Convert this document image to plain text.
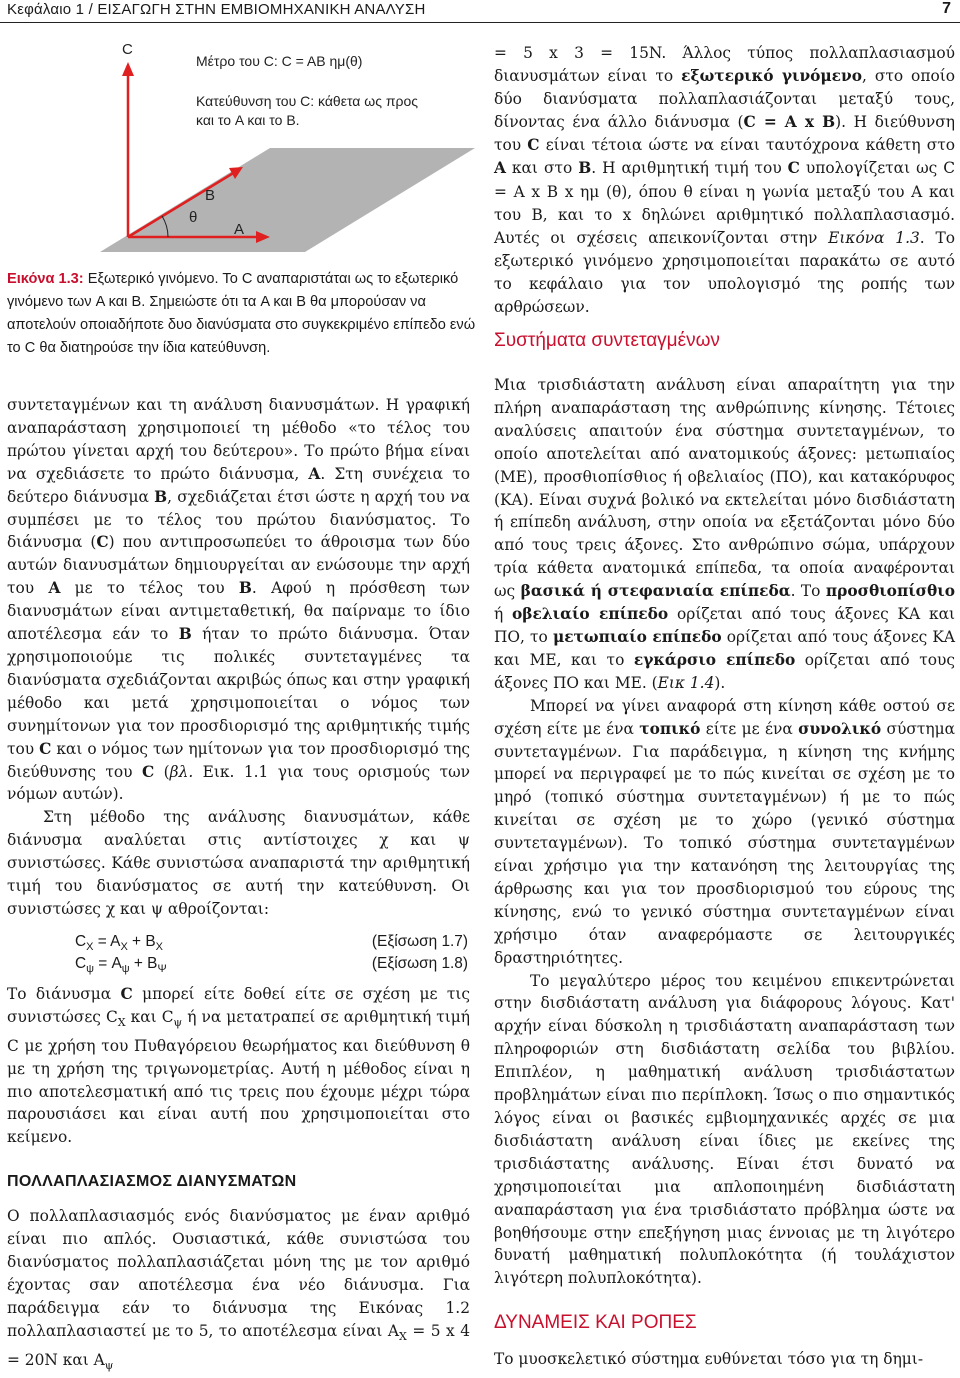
Κεφάλαιο 1 / ΕΙΣΑΓΩΓΗ ΣΤΗΝ ΕΜΒΙΟΜΗΧΑΝΙΚΗ ΑΝΑΛΥΣΗ	7
C
B
A
θ
Μέτρο του C: C = AB ημ(θ)
Κατεύθυνση του C: κάθετα ως προς
και το A και το B.
Εικόνα 1.3: Εξωτερικό γινόμενο. Το C αναπαριστάται ως το εξωτερικό γινόμενο των A και B. Σημειώστε ότι τα A και B θα μπορούσαν να αποτελούν οποιαδήποτε δυο διανύσματα στο συγκεκριμένο επίπεδο ενώ το C θα διατηρούσε την ίδια κατεύθυνση.

συντεταγμένων και τη ανάλυση διανυσμάτων. Η γραφική αναπαράσταση χρησιμοποιεί τη μέθοδο «το τέλος του πρώτου γίνεται αρχή του δεύτερου». Το πρώτο βήμα είναι να σχεδιάσετε το πρώτο διάνυσμα, A. Στη συνέχεια το δεύτερο διάνυσμα B, σχεδιάζεται έτσι ώστε η αρχή του να συμπέσει με το τέλος του πρώτου διανύσματος. Το διάνυσμα (C) που αντιπροσωπεύει το άθροισμα των δύο αυτών διανυσμάτων δημιουργείται αν ενώσουμε την αρχή του A με το τέλος του B. Αφού η πρόσθεση των διανυσμάτων είναι αντιμεταθετική, θα παίρναμε το ίδιο αποτέλεσμα εάν το B ήταν το πρώτο διάνυσμα. Όταν χρησιμοποιούμε τις πολικές συντεταγμένες τα διανύσματα σχεδιάζονται ακριβώς όπως και στην γραφική μέθοδο και μετά χρησιμοποιείται ο νόμος των συνημίτονων για τον προσδιορισμό της αριθμητικής τιμής του C και ο νόμος των ημίτονων για τον προσδιορισμό της διεύθυνσης του C (βλ. Εικ. 1.1 για τους ορισμούς των νόμων αυτών).

Στη μέθοδο της ανάλυσης διανυσμάτων, κάθε διάνυσμα αναλύεται στις αντίστοιχες χ και ψ συνιστώσες. Κάθε συνιστώσα αναπαριστά την αριθμητική τιμή του διανύσματος σε αυτή την κατεύθυνση. Οι συνιστώσες χ και ψ αθροίζονται:

$C_X = A_X + B_X$	(Εξίσωση 1.7)
$C_\psi = A_\psi + B_\Psi$	(Εξίσωση 1.8)

Το διάνυσμα C μπορεί είτε δοθεί είτε σε σχέση με τις συνιστώσες $C_X$ και $C_\psi$ ή να μετατραπεί σε αριθμητική τιμή C με χρήση του Πυθαγόρειου θεωρήματος και διεύθυνση θ με τη χρήση της τριγωνομετρίας. Αυτή η μέθοδος είναι η πιο αποτελεσματική από τις τρεις που έχουμε μέχρι τώρα παρουσιάσει και είναι αυτή που χρησιμοποιείται στο κείμενο.

ΠΟΛΛΑΠΛΑΣΙΑΣΜΟΣ ΔΙΑΝΥΣΜΑΤΩΝ

Ο πολλαπλασιασμός ενός διανύσματος με έναν αριθμό είναι πιο απλός. Ουσιαστικά, κάθε συνιστώσα του διανύσματος πολλαπλασιάζεται μόνη της με τον αριθμό έχοντας σαν αποτέλεσμα ένα νέο διάνυσμα. Για παράδειγμα εάν το διάνυσμα της Εικόνας 1.2 πολλαπλασιαστεί με το 5, το αποτέλεσμα είναι $A_X = 5$ x 4 = 20N και $A_\psi$

= 5 x 3 = 15N. Άλλος τύπος πολλαπλασιασμού διανυσμάτων είναι το εξωτερικό γινόμενο, στο οποίο δύο διανύσματα πολλαπλασιάζονται μεταξύ τους, δίνοντας ένα άλλο διάνυσμα (C = A x B). Η διεύθυνση του C είναι τέτοια ώστε να είναι ταυτόχρονα κάθετη στο A και στο B. Η αριθμητική τιμή του C υπολογίζεται ως C = A x B x ημ (θ), όπου θ είναι η γωνία μεταξύ του A και του B, και το x δηλώνει αριθμητικό πολλαπλασιασμό. Αυτές οι σχέσεις απεικονίζονται στην Εικόνα 1.3. Το εξωτερικό γινόμενο χρησιμοποιείται παρακάτω σε αυτό το κεφάλαιο για τον υπολογισμό της ροπής των αρθρώσεων.

Συστήματα συντεταγμένων

Μια τρισδιάστατη ανάλυση είναι απαραίτητη για την πλήρη αναπαράσταση της ανθρώπινης κίνησης. Τέτοιες αναλύσεις απαιτούν ένα σύστημα συντεταγμένων, το οποίο αποτελείται από ανατομικούς άξονες: μετωπιαίος (ΜΕ), προσθιοπίσθιος ή οβελιαίος (ΠΟ), και κατακόρυφος (ΚΑ). Είναι συχνά βολικό να εκτελείται μόνο δισδιάστατη ή επίπεδη ανάλυση, στην οποία να εξετάζονται μόνο δύο από τους τρεις άξονες. Στο ανθρώπινο σώμα, υπάρχουν τρία κάθετα ανατομικά επίπεδα, τα οποία αναφέρονται ως βασικά ή στεφανιαία επίπεδα. Το προσθιοπίσθιο ή οβελιαίο επίπεδο ορίζεται από τους άξονες ΚΑ και ΠΟ, το μετωπιαίο επίπεδο ορίζεται από τους άξονες ΚΑ και ΜΕ, και το εγκάρσιο επίπεδο ορίζεται από τους άξονες ΠΟ και ΜΕ. (Εικ 1.4).

Μπορεί να γίνει αναφορά στη κίνηση κάθε οστού σε σχέση είτε με ένα τοπικό είτε με ένα συνολικό σύστημα συντεταγμένων. Για παράδειγμα, η κίνηση της κνήμης μπορεί να περιγραφεί με το πώς κινείται σε σχέση με το μηρό (τοπικό σύστημα συντεταγμένων) ή με το πώς κινείται σε σχέση με το χώρο (γενικό σύστημα συντεταγμένων). Το τοπικό σύστημα συντεταγμένων είναι χρήσιμο για την κατανόηση της λειτουργίας της άρθρωσης και για τον προσδιορισμού του εύρους της κίνησης, ενώ το γενικό σύστημα συντεταγμένων είναι χρήσιμο όταν αναφερόμαστε σε λειτουργικές δραστηριότητες.

Το μεγαλύτερο μέρος του κειμένου επικεντρώνεται στην δισδιάστατη ανάλυση για διάφορους λόγους. Κατ' αρχήν είναι δύσκολη η τρισδιάστατη αναπαράσταση των πληροφοριών στη δισδιάστατη σελίδα του βιβλίου. Επιπλέον, η μαθηματική ανάλυση τρισδιάστατων προβλημάτων είναι πιο περίπλοκη. Ίσως ο πιο σημαντικός λόγος είναι οι βασικές εμβιομηχανικές αρχές σε μια δισδιάστατη ανάλυση είναι ίδιες με εκείνες της τρισδιάστατης ανάλυσης. Είναι έτσι δυνατό να χρησιμοποιείται μια απλοποιημένη δισδιάστατη αναπαράσταση για ένα τρισδιάστατο πρόβλημα ώστε να βοηθήσουμε στην επεξήγηση μιας έννοιας με τη λιγότερο δυνατή μαθηματική πολυπλοκότητα (ή τουλάχιστον λιγότερη πολυπλοκότητα).

ΔΥΝΑΜΕΙΣ ΚΑΙ ΡΟΠΕΣ

Το μυοσκελετικό σύστημα ευθύνεται τόσο για τη δημι-
